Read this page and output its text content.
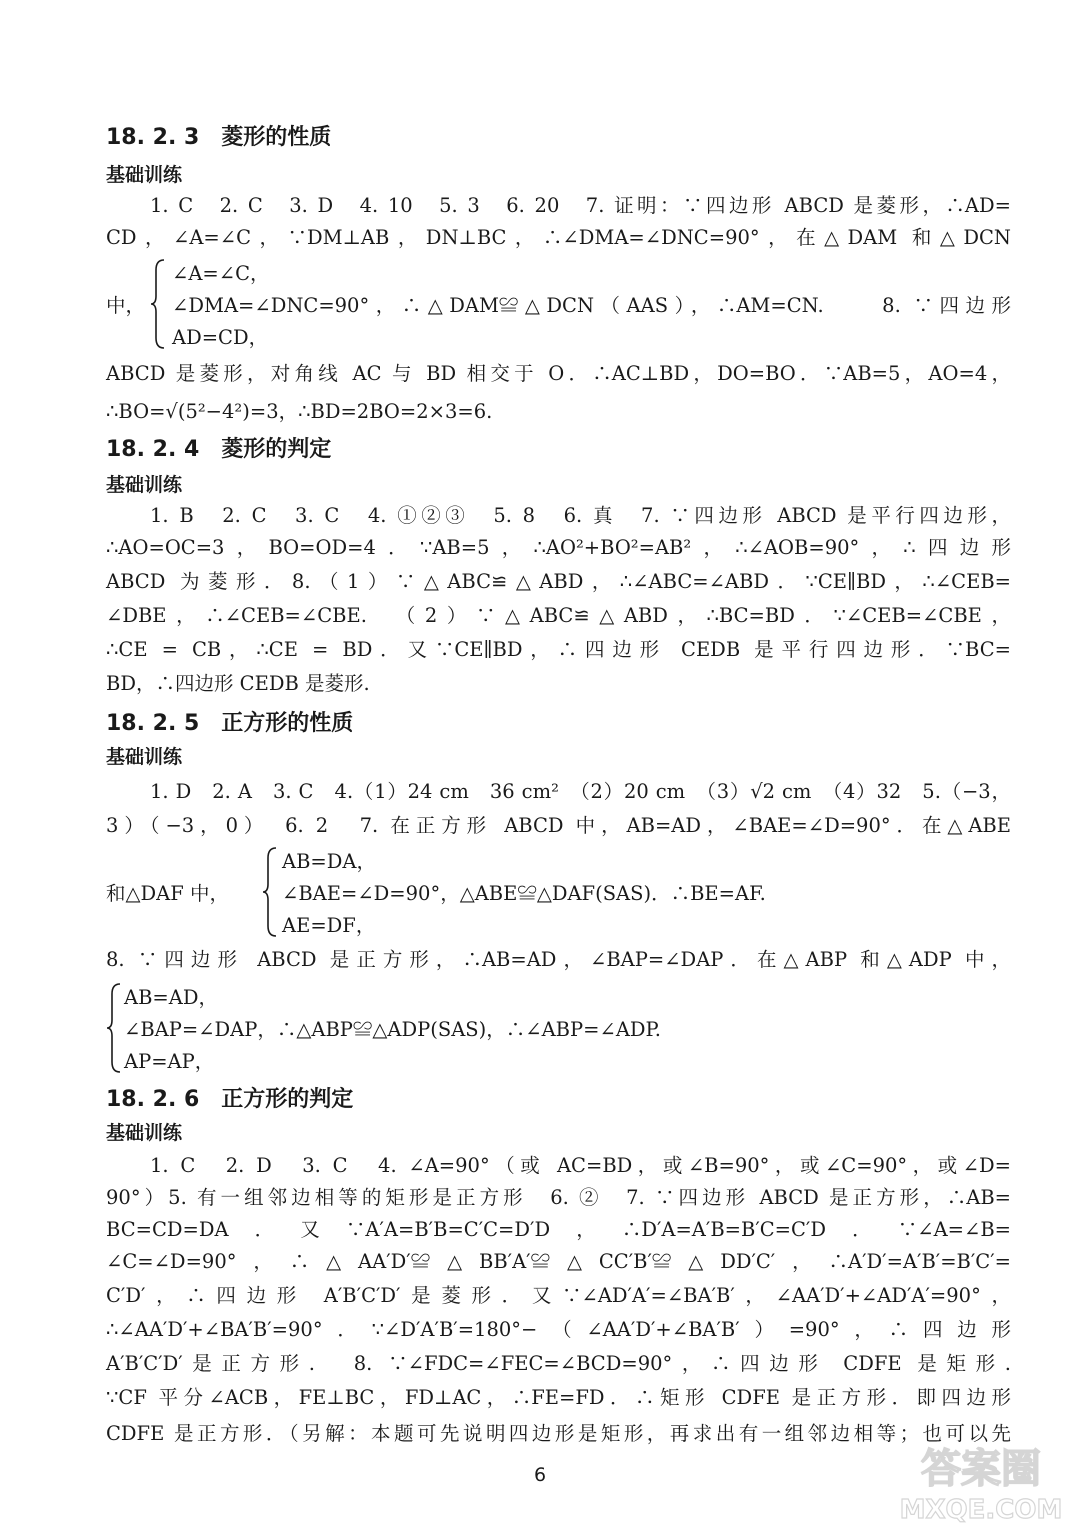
18. 2. 3　菱形的性质
基础训练
1. C　2. C　3. D　4. 10　5. 3　6. 20　7. 证明：∵四边形 ABCD 是菱形，∴AD=
CD，∠A=∠C，∵DM⊥AB，DN⊥BC，∴∠DMA=∠DNC=90°，在△DAM 和△DCN
中，
∠A=∠C，
∠DMA=∠DNC=90°，∴△DAM≌△DCN（AAS），∴AM=CN.　　8. ∵四边形
AD=CD，
ABCD 是菱形，对角线 AC 与 BD 相交于 O．∴AC⊥BD，DO=BO．∵AB=5，AO=4，
∴BO=√(5²−4²)=3，∴BD=2BO=2×3=6.
18. 2. 4　菱形的判定
基础训练
1. B　2. C　3. C　4. ①②③　5. 8　6. 真　7. ∵四边形 ABCD 是平行四边形，
∴AO=OC=3，BO=OD=4．∵AB=5，∴AO²+BO²=AB²，∴∠AOB=90°，∴四边形
ABCD 为菱形．8.（1）∵△ABC≌△ABD，∴∠ABC=∠ABD．∵CE∥BD，∴∠CEB=
∠DBE，∴∠CEB=∠CBE.　（2）∵△ABC≌△ABD，∴BC=BD．∵∠CEB=∠CBE，
∴CE = CB，∴CE = BD．又∵CE∥BD，∴四边形 CEDB 是平行四边形．∵BC=
BD，∴四边形 CEDB 是菱形.
18. 2. 5　正方形的性质
基础训练
1. D　2. A　3. C　4.（1）24 cm　36 cm²　（2）20 cm　（3）√2 cm　（4）32　5.（−3，
3）（−3，0）　6. 2　7. 在正方形 ABCD 中，AB=AD，∠BAE=∠D=90°．在△ABE
和△DAF 中，
AB=DA，
∠BAE=∠D=90°，△ABE≌△DAF(SAS)．∴BE=AF.
AE=DF，
8. ∵四边形 ABCD 是正方形，∴AB=AD，∠BAP=∠DAP．在△ABP 和△ADP 中，
AB=AD，
∠BAP=∠DAP，∴△ABP≌△ADP(SAS)，∴∠ABP=∠ADP.
AP=AP，
18. 2. 6　正方形的判定
基础训练
1. C　2. D　3. C　4. ∠A=90°（或 AC=BD，或∠B=90°，或∠C=90°，或∠D=
90°）5. 有一组邻边相等的矩形是正方形　6. ②　7. ∵四边形 ABCD 是正方形，∴AB=
BC=CD=DA．又∵A′A=B′B=C′C=D′D，∴D′A=A′B=B′C=C′D．∵∠A=∠B=
∠C=∠D=90°，∴△AA′D′≌△BB′A′≌△CC′B′≌△DD′C′，∴A′D′=A′B′=B′C′=
C′D′，∴四边形 A′B′C′D′是菱形．又∵∠AD′A′=∠BA′B′，∠AA′D′+∠AD′A′=90°，
∴∠AA′D′+∠BA′B′=90°．∵∠D′A′B′=180°−（∠AA′D′+∠BA′B′）=90°，∴四边形
A′B′C′D′是正方形.　8. ∵∠FDC=∠FEC=∠BCD=90°，∴四边形 CDFE 是矩形.
∵CF 平分∠ACB，FE⊥BC，FD⊥AC，∴FE=FD．∴矩形 CDFE 是正方形．即四边形
CDFE 是正方形．（另解：本题可先说明四边形是矩形，再求出有一组邻边相等；也可以先
6	答案圈
MXQE.COM
